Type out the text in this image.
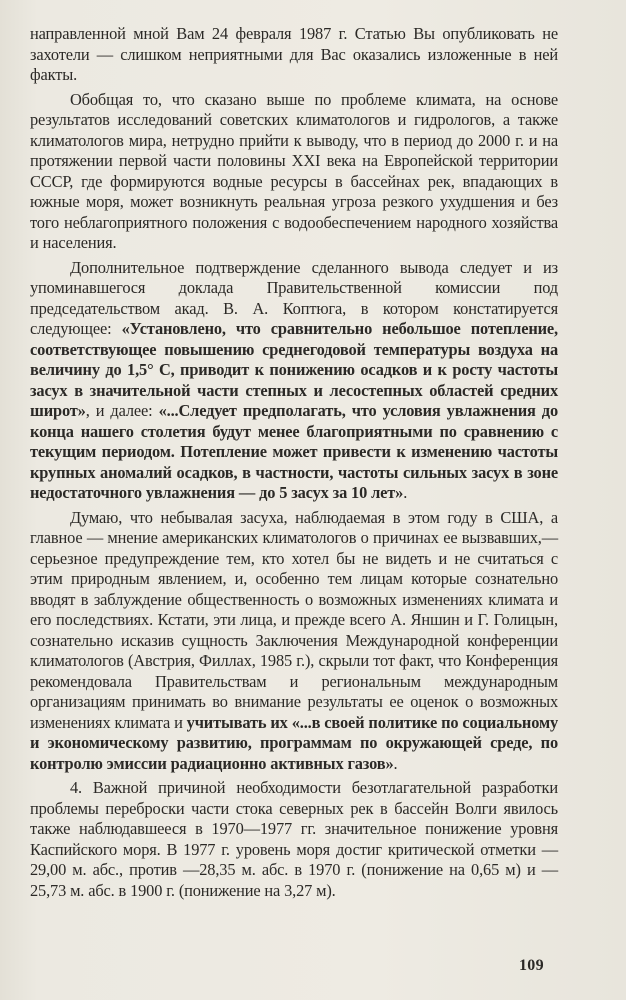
направленной мной Вам 24 февраля 1987 г. Статью Вы опубликовать не захотели — слишком неприятными для Вас оказались изложенные в ней факты.

Обобщая то, что сказано выше по проблеме климата, на основе результатов исследований советских климатологов и гидрологов, а также климатологов мира, нетрудно прийти к выводу, что в период до 2000 г. и на протяжении первой части половины XXI века на Европейской территории СССР, где формируются водные ресурсы в бассейнах рек, впадающих в южные моря, может возникнуть реальная угроза резкого ухудшения и без того неблагоприятного положения с водообеспечением народного хозяйства и населения.

Дополнительное подтверждение сделанного вывода следует и из упоминавшегося доклада Правительственной комиссии под председательством акад. В. А. Коптюга, в котором констатируется следующее: «Установлено, что сравнительно небольшое потепление, соответствующее повышению среднегодовой температуры воздуха на величину до 1,5° С, приводит к понижению осадков и к росту частоты засух в значительной части степных и лесостепных областей средних широт», и далее: «...Следует предполагать, что условия увлажнения до конца нашего столетия будут менее благоприятными по сравнению с текущим периодом. Потепление может привести к изменению частоты крупных аномалий осадков, в частности, частоты сильных засух в зоне недостаточного увлажнения — до 5 засух за 10 лет».

Думаю, что небывалая засуха, наблюдаемая в этом году в США, а главное — мнение американских климатологов о причинах ее вызвавших,— серьезное предупреждение тем, кто хотел бы не видеть и не считаться с этим природным явлением, и, особенно тем лицам которые сознательно вводят в заблуждение общественность о возможных изменениях климата и его последствиях. Кстати, эти лица, и прежде всего А. Яншин и Г. Голицын, сознательно исказив сущность Заключения Международной конференции климатологов (Австрия, Филлах, 1985 г.), скрыли тот факт, что Конференция рекомендовала Правительствам и региональным международным организациям принимать во внимание результаты ее оценок о возможных изменениях климата и учитывать их «...в своей политике по социальному и экономическому развитию, программам по окружающей среде, по контролю эмиссии радиационно активных газов».

4. Важной причиной необходимости безотлагательной разработки проблемы переброски части стока северных рек в бассейн Волги явилось также наблюдавшееся в 1970—1977 гг. значительное понижение уровня Каспийского моря. В 1977 г. уровень моря достиг критической отметки —29,00 м. абс., против —28,35 м. абс. в 1970 г. (понижение на 0,65 м) и —25,73 м. абс. в 1900 г. (понижение на 3,27 м).

109
